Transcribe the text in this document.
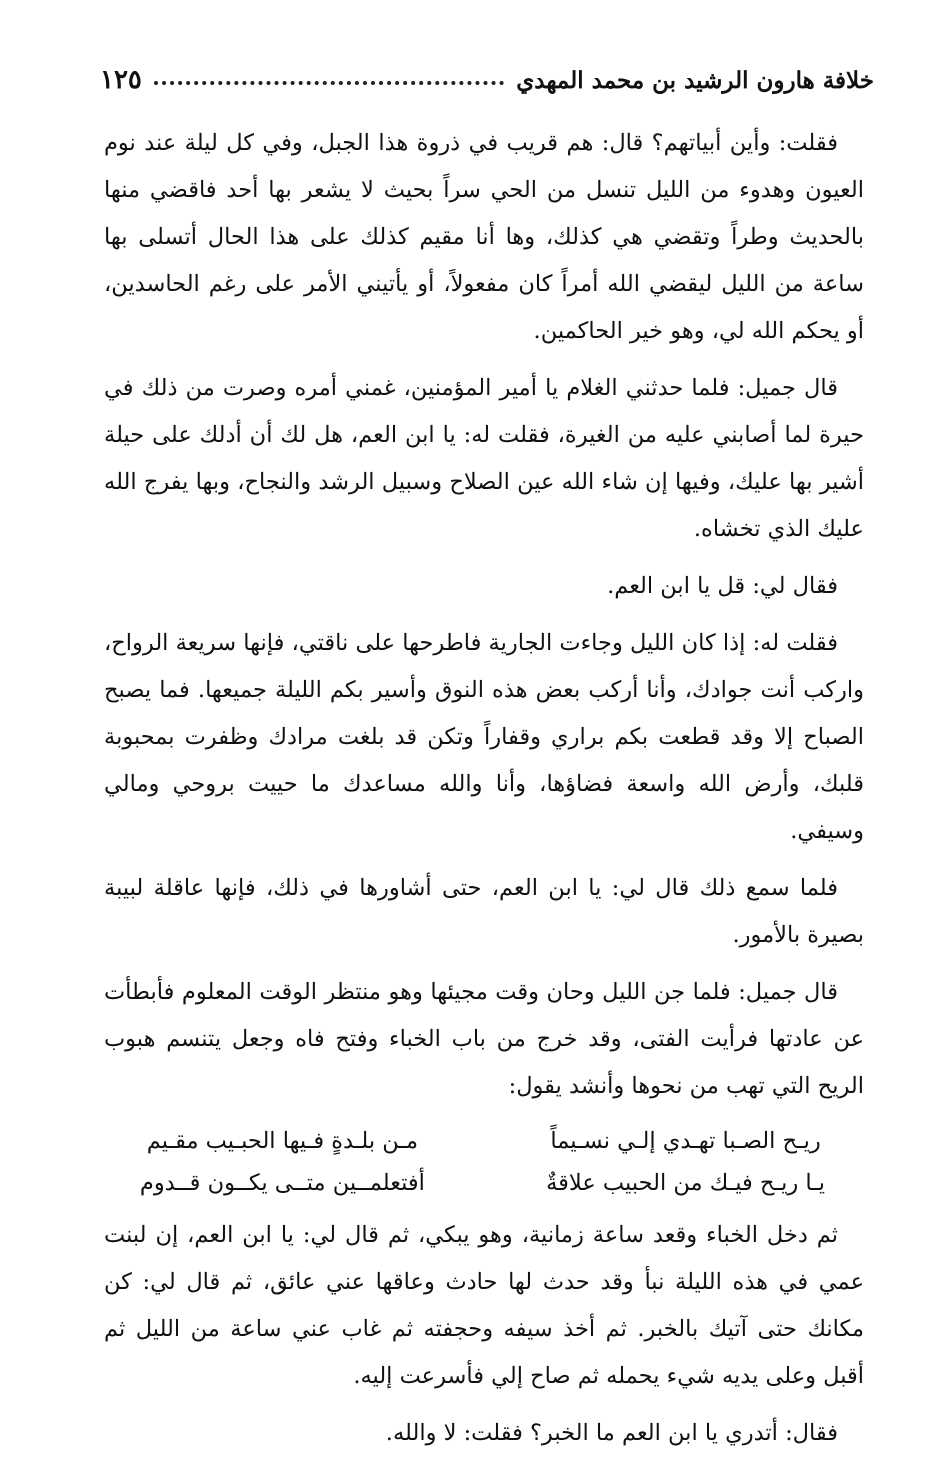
خلافة هارون الرشيد بن محمد المهدي
١٢٥

فقلت: وأين أبياتهم؟ قال: هم قريب في ذروة هذا الجبل، وفي كل ليلة عند نوم العيون وهدوء من الليل تنسل من الحي سراً بحيث لا يشعر بها أحد فاقضي منها بالحديث وطراً وتقضي هي كذلك، وها أنا مقيم كذلك على هذا الحال أتسلى بها ساعة من الليل ليقضي الله أمراً كان مفعولاً، أو يأتيني الأمر على رغم الحاسدين، أو يحكم الله لي، وهو خير الحاكمين.

قال جميل: فلما حدثني الغلام يا أمير المؤمنين، غمني أمره وصرت من ذلك في حيرة لما أصابني عليه من الغيرة، فقلت له: يا ابن العم، هل لك أن أدلك على حيلة أشير بها عليك، وفيها إن شاء الله عين الصلاح وسبيل الرشد والنجاح، وبها يفرج الله عليك الذي تخشاه.

فقال لي: قل يا ابن العم.

فقلت له: إذا كان الليل وجاءت الجارية فاطرحها على ناقتي، فإنها سريعة الرواح، واركب أنت جوادك، وأنا أركب بعض هذه النوق وأسير بكم الليلة جميعها. فما يصبح الصباح إلا وقد قطعت بكم براري وقفاراً وتكن قد بلغت مرادك وظفرت بمحبوبة قلبك، وأرض الله واسعة فضاؤها، وأنا والله مساعدك ما حييت بروحي ومالي وسيفي.

فلما سمع ذلك قال لي: يا ابن العم، حتى أشاورها في ذلك، فإنها عاقلة لبيبة بصيرة بالأمور.

قال جميل: فلما جن الليل وحان وقت مجيئها وهو منتظر الوقت المعلوم فأبطأت عن عادتها فرأيت الفتى، وقد خرج من باب الخباء وفتح فاه وجعل يتنسم هبوب الريح التي تهب من نحوها وأنشد يقول:

ريـح الصـبا تهـدي إلـي نسـيماً
مـن بلـدةٍ فـيها الحبـيب مقـيم
يـا ريـح فيـك من الحبيب علاقةٌ
أفتعلمــين متــى يكــون قــدوم

ثم دخل الخباء وقعد ساعة زمانية، وهو يبكي، ثم قال لي: يا ابن العم، إن لبنت عمي في هذه الليلة نبأ وقد حدث لها حادث وعاقها عني عائق، ثم قال لي: كن مكانك حتى آتيك بالخبر. ثم أخذ سيفه وحجفته ثم غاب عني ساعة من الليل ثم أقبل وعلى يديه شيء يحمله ثم صاح إلي فأسرعت إليه.

فقال: أتدري يا ابن العم ما الخبر؟ فقلت: لا والله.
